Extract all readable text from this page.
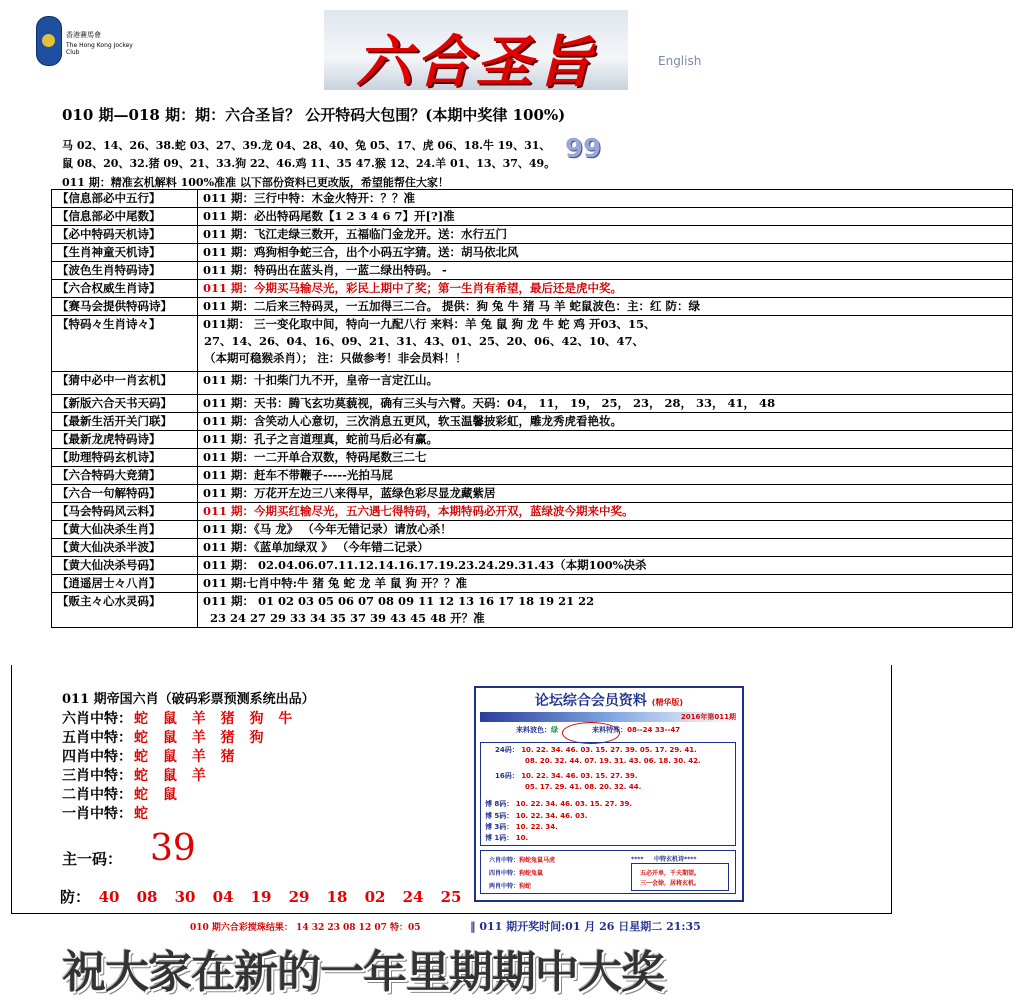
香港賽馬會
The Hong Kong Jockey Club	六合圣旨	English
010 期—018 期：期：六合圣旨？ 公开特码大包围？(本期中奖律 100%)
马 02、14、26、38.蛇 03、27、39.龙 04、28、40、兔 05、17、虎 06、18.牛 19、31、
鼠 08、20、32.猪 09、21、33.狗 22、46.鸡 11、35 47.猴 12、24.羊 01、13、37、49。 99
011 期：精准玄机解料 100%准准 以下部份资料已更改版，希望能帮住大家！
【信息部必中五行】	011 期：三行中特：木金火特开：？？准
【信息部必中尾数】	011 期：必出特码尾数【1 2 3 4 6 7】开[?]准
【必中特码天机诗】	011 期：飞江走绿三数开，五福临门金龙开。送：水行五门
【生肖神童天机诗】	011 期：鸡狗相争蛇三合，出个小码五字猜。送：胡马依北风
【波色生肖特码诗】	011 期：特码出在蓝头肖，一蓝二绿出特码。 -
【六合权威生肖诗】	011 期：今期买马输尽光，彩民上期中了奖；第一生肖有希望，最后还是虎中奖。
【赛马会提供特码诗】	011 期：二后来三特码灵，一五加得三二合。 提供：狗 兔 牛 猪 马 羊 蛇鼠波色：主：红 防：绿
【特码々生肖诗々】	011期： 三一变化取中间，特向一九配八行 来料：羊 兔 鼠 狗 龙 牛 蛇 鸡 开03、15、
	27、14、26、04、16、09、21、31、43、01、25、20、06、42、10、47、
	（本期可稳猴杀肖）； 注：只做参考！非会员料！！
【猜中必中一肖玄机】	011 期：十扣柴门九不开，皇帝一言定江山。
【新版六合天书天码】	011 期：天书：腾飞玄功莫藐视，确有三头与六臂。天码：04， 11， 19， 25， 23， 28， 33， 41， 48
【最新生活开关门联】	011 期：含笑动人心意切，三次消息五更风，软玉温馨披彩虹，雕龙秀虎看艳妆。
【最新龙虎特码诗】	011 期：孔子之言道理真，蛇前马后必有赢。
【助理特码玄机诗】	011 期：一二开单合双数，特码尾数三二七
【六合特码大竞猜】	011 期：赶车不带鞭子-----光拍马屁
【六合一句解特码】	011 期：万花开左边三八来得早，蓝绿色彩尽显龙藏紫居
【马会特码风云料】	011 期：今期买红输尽光，五六遇七得特码，本期特码必开双，蓝绿波今期来中奖。
【黄大仙决杀生肖】	011 期：《马 龙》 （今年无错记录）请放心杀！
【黄大仙决杀半波】	011 期：《蓝单加绿双 》 （今年错二记录）
【黄大仙决杀号码】	011 期： 02.04.06.07.11.12.14.16.17.19.23.24.29.31.43（本期100%决杀
【逍遥居士々八肖】	011 期:七肖中特:牛 猪 兔 蛇 龙 羊 鼠 狗 开？？准
【贩主々心水灵码】	011 期： 01 02 03 05 06 07 08 09 11 12 13 16 17 18 19 21 22
	23 24 27 29 33 34 35 37 39 43 45 48 开？准
011 期帝国六肖（破码彩票预测系统出品）
六肖中特： 蛇 鼠 羊 猪 狗 牛
五肖中特： 蛇 鼠 羊 猪 狗
四肖中特： 蛇 鼠 羊 猪
三肖中特： 蛇 鼠 羊
二肖中特： 蛇 鼠
一肖中特： 蛇
主一码： 39
防： 40 08 30 04 19 29 18 02 24 25
论坛综合会员资料 (精华版)
2016年第011期
来料波色：绿	来料特殊：08--24 33--47
24码： 10. 22. 34. 46. 03. 15. 27. 39. 05. 17. 29. 41.
08. 20. 32. 44. 07. 19. 31. 43. 06. 18. 30. 42.
16码： 10. 22. 34. 46. 03. 15. 27. 39.
05. 17. 29. 41. 08. 20. 32. 44.
博 8码： 10. 22. 34. 46. 03. 15. 27. 39.
博 5码： 10. 22. 34. 46. 03.
博 3码： 10. 22. 34.
博 1码： 10.
六肖中特：狗蛇兔鼠马虎
四肖中特：狗蛇兔鼠
两肖中特：狗蛇
**** 中特玄机诗****
五必开单，千夫期望。
三一会徐，居将玄机。
010 期六合彩搅珠结果： 14 32 23 08 12 07 特：05	‖ 011 期开奖时间:01 月 26 日星期二 21:35
祝大家在新的一年里期期中大奖
